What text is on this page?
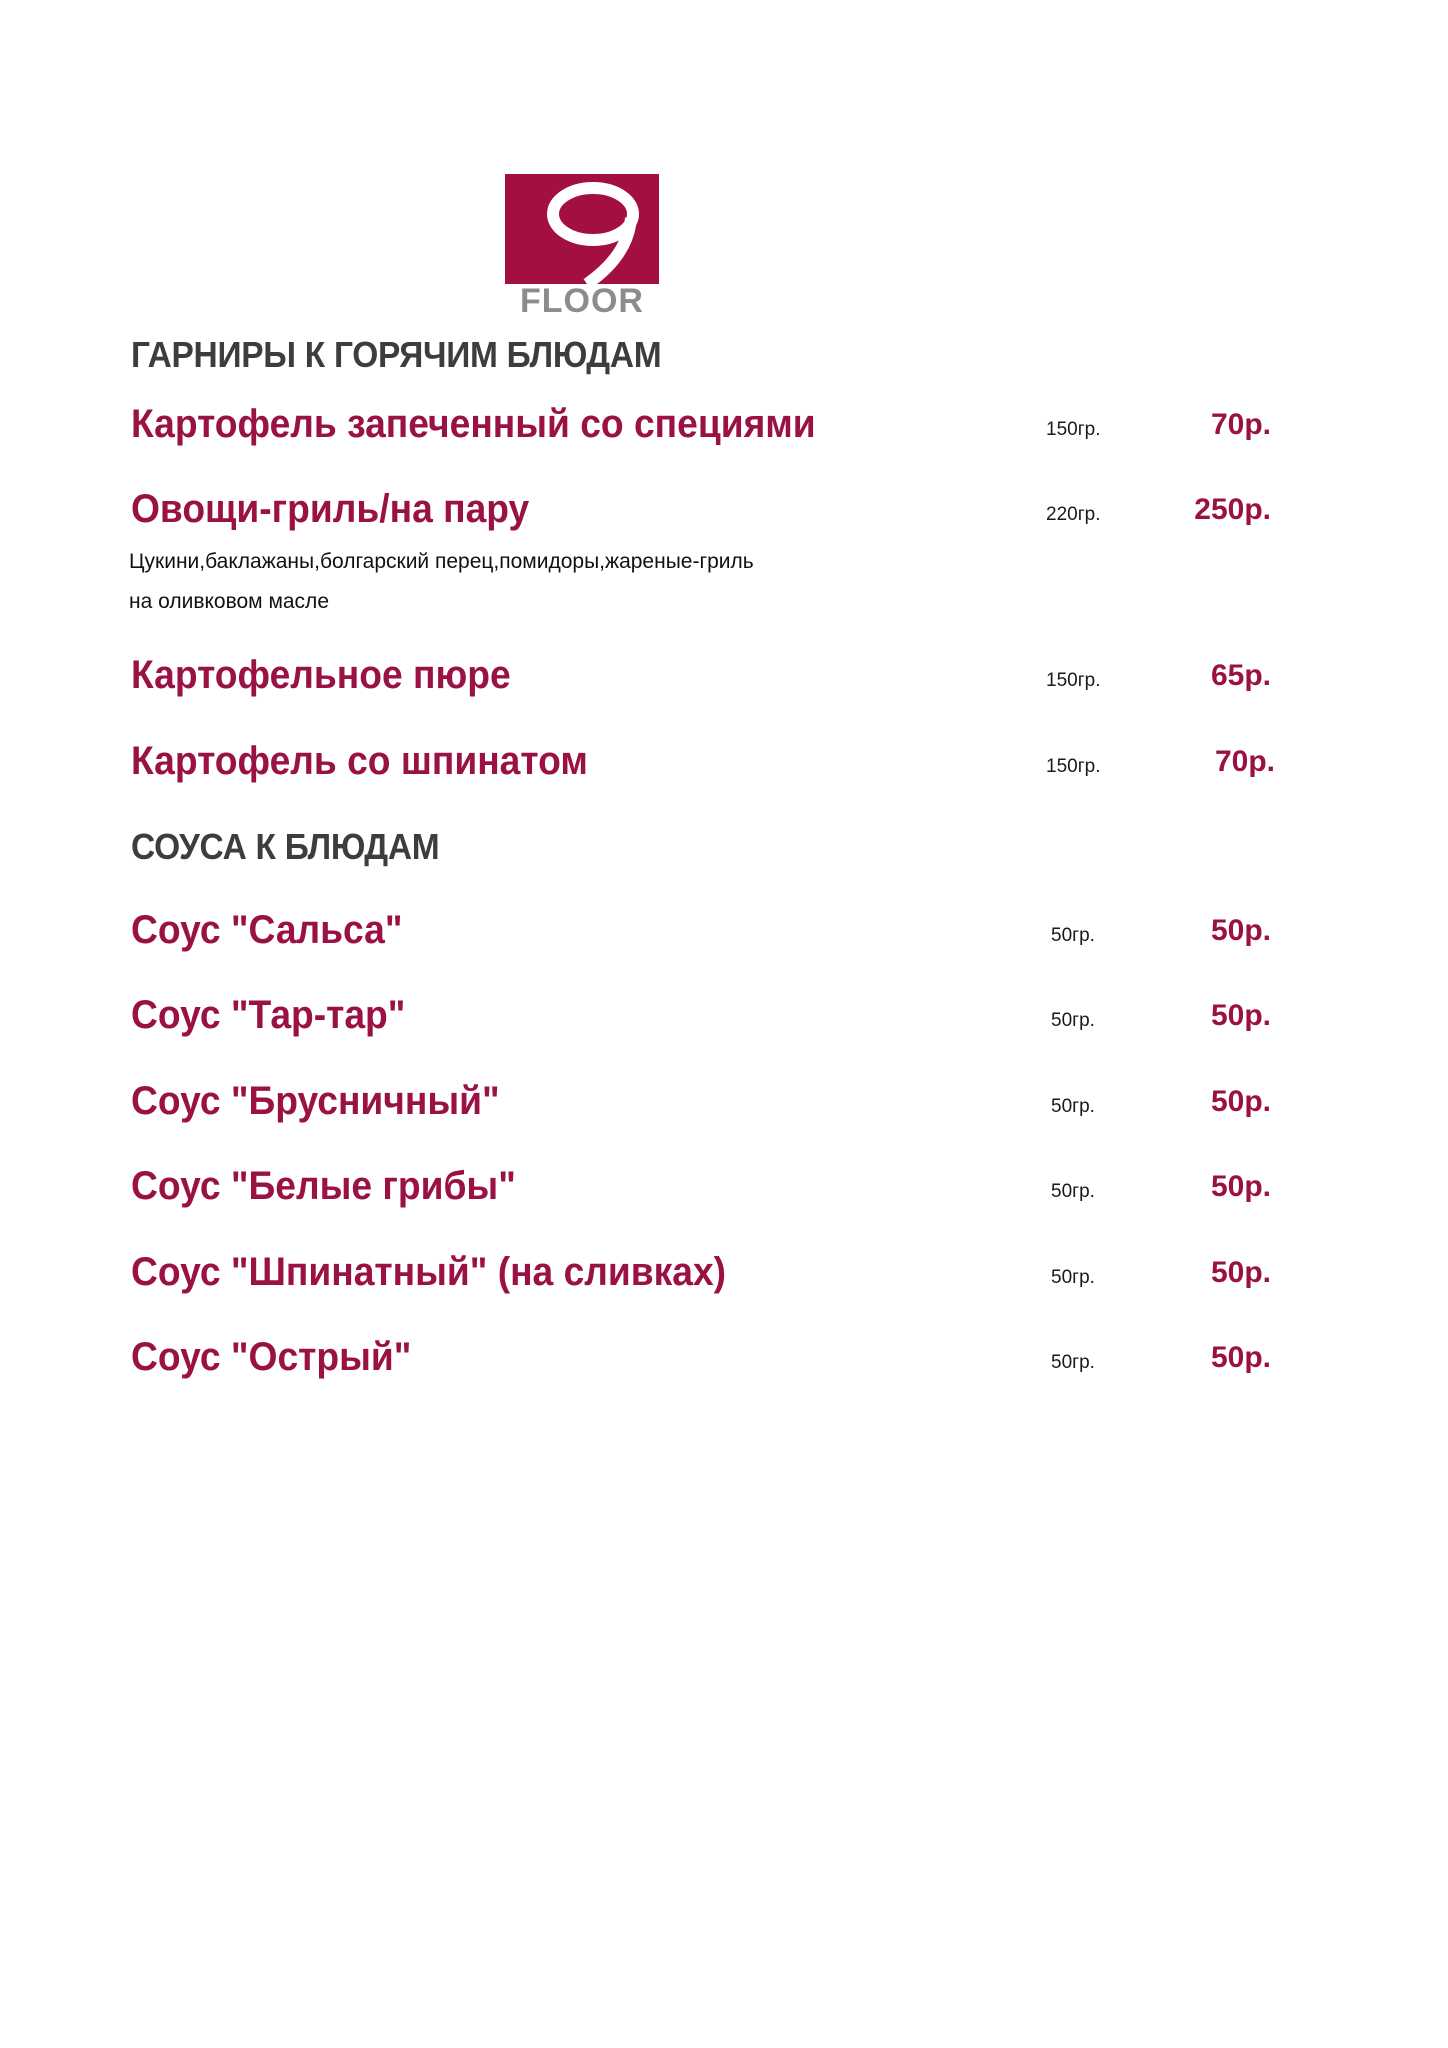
FLOOR
ГАРНИРЫ К ГОРЯЧИМ БЛЮДАМ
Картофель запеченный со специями	150гр.	70р.
Овощи-гриль/на пару	220гр.	250р.
Цукини,баклажаны,болгарский перец,помидоры,жареные-гриль
на оливковом масле
Картофельное пюре	150гр.	65р.
Картофель со шпинатом	150гр.	70р.
СОУСА К БЛЮДАМ
Соус "Сальса"	50гр.	50р.
Соус "Тар-тар"	50гр.	50р.
Соус "Брусничный"	50гр.	50р.
Соус "Белые грибы"	50гр.	50р.
Соус "Шпинатный" (на сливках)	50гр.	50р.
Соус "Острый"	50гр.	50р.
